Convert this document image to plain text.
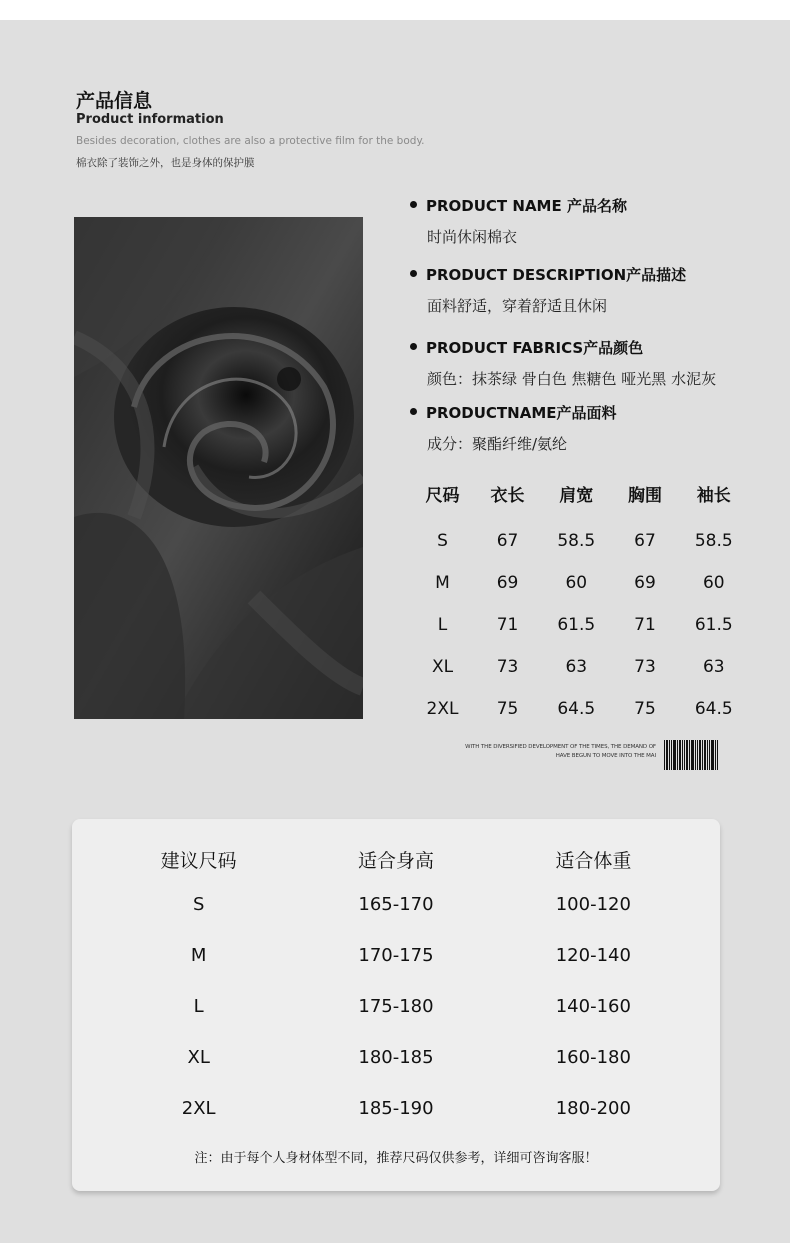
产品信息
Product information
Besides decoration, clothes are also a protective film for the body.
棉衣除了装饰之外，也是身体的保护膜
PRODUCT NAME 产品名称
时尚休闲棉衣
PRODUCT DESCRIPTION产品描述
面料舒适，穿着舒适且休闲
PRODUCT FABRICS产品颜色
颜色：抹茶绿 骨白色 焦糖色 哑光黑 水泥灰
PRODUCTNAME产品面料
成分：聚酯纤维/氨纶
尺码	衣长	肩宽	胸围	袖长
S	67	58.5	67	58.5
M	69	60	69	60
L	71	61.5	71	61.5
XL	73	63	73	63
2XL	75	64.5	75	64.5
WITH THE DIVERSIFIED DEVELOPMENT OF THE TIMES, THE DEMAND OF
HAVE BEGUN TO MOVE INTO THE MAI
建议尺码	适合身高	适合体重
S	165-170	100-120
M	170-175	120-140
L	175-180	140-160
XL	180-185	160-180
2XL	185-190	180-200
注：由于每个人身材体型不同，推荐尺码仅供参考，详细可咨询客服！
